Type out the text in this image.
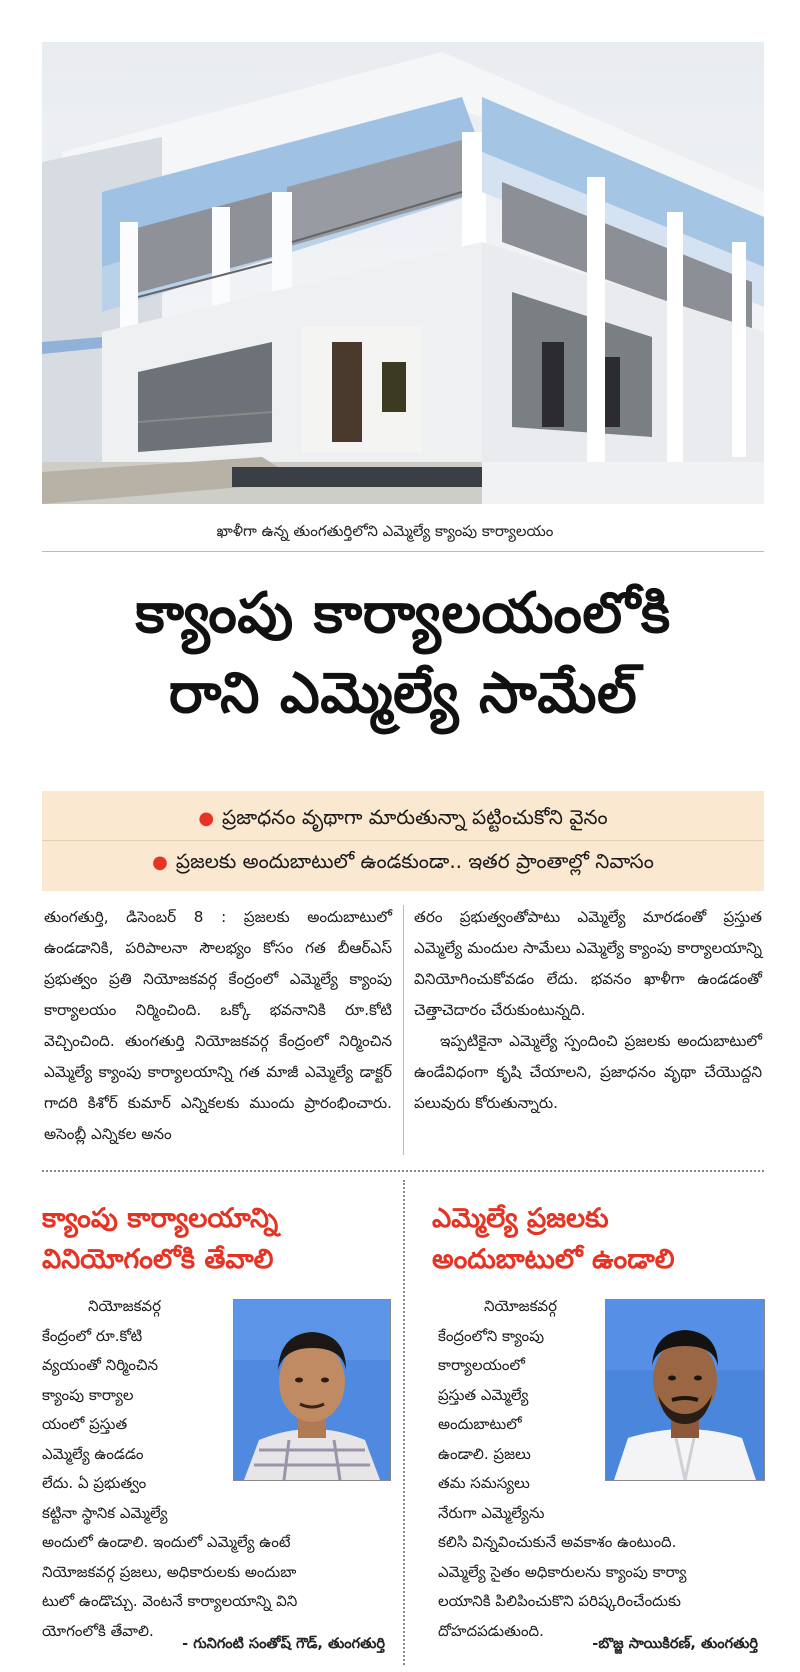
ఖాళీగా ఉన్న తుంగతుర్తిలోని ఎమ్మెల్యే క్యాంపు కార్యాలయం
క్యాంపు కార్యాలయంలోకి
రాని ఎమ్మెల్యే సామేల్
● ప్రజాధనం వృథాగా మారుతున్నా పట్టించుకోని వైనం
● ప్రజలకు అందుబాటులో ఉండకుండా.. ఇతర ప్రాంతాల్లో నివాసం
తుంగతుర్తి, డిసెంబర్ 8 : ప్రజలకు అందుబాటులో ఉండడానికి, పరిపాలనా సౌలభ్యం కోసం గత బీఆర్ఎస్ ప్రభుత్వం ప్రతి నియోజకవర్గ కేంద్రంలో ఎమ్మెల్యే క్యాంపు కార్యాలయం నిర్మించింది. ఒక్కో భవనానికి రూ.కోటి వెచ్చించింది. తుంగతుర్తి నియోజకవర్గ కేంద్రంలో నిర్మించిన ఎమ్మెల్యే క్యాంపు కార్యాలయాన్ని గత మాజీ ఎమ్మెల్యే డాక్టర్ గాదరి కిశోర్ కుమార్ ఎన్నికలకు ముందు ప్రారంభించారు. అసెంబ్లీ ఎన్నికల అనం
తరం ప్రభుత్వంతోపాటు ఎమ్మెల్యే మారడంతో ప్రస్తుత ఎమ్మెల్యే మందుల సామేలు ఎమ్మెల్యే క్యాంపు కార్యాలయాన్ని వినియోగించుకోవడం లేదు. భవనం ఖాళీగా ఉండడంతో చెత్తాచెదారం చేరుకుంటున్నది.
ఇప్పటికైనా ఎమ్మెల్యే స్పందించి ప్రజలకు అందుబాటులో ఉండేవిధంగా కృషి చేయాలని, ప్రజాధనం వృథా చేయొద్దని పలువురు కోరుతున్నారు.
క్యాంపు కార్యాలయాన్ని
వినియోగంలోకి తేవాలి
నియోజకవర్గ
కేంద్రంలో రూ.కోటి
వ్యయంతో నిర్మించిన
క్యాంపు కార్యాల
యంలో ప్రస్తుత
ఎమ్మెల్యే ఉండడం
లేదు. ఏ ప్రభుత్వం
కట్టినా స్థానిక ఎమ్మెల్యే
అందులో ఉండాలి. ఇందులో ఎమ్మెల్యే ఉంటే
నియోజకవర్గ ప్రజలు, అధికారులకు అందుబా
టులో ఉండొచ్చు. వెంటనే కార్యాలయాన్ని విని
యోగంలోకి తేవాలి.
- గునిగంటి సంతోష్ గౌడ్, తుంగతుర్తి
ఎమ్మెల్యే ప్రజలకు
అందుబాటులో ఉండాలి
నియోజకవర్గ
కేంద్రంలోని క్యాంపు
కార్యాలయంలో
ప్రస్తుత ఎమ్మెల్యే
అందుబాటులో
ఉండాలి. ప్రజలు
తమ సమస్యలు
నేరుగా ఎమ్మెల్యేను
కలిసి విన్నవించుకునే అవకాశం ఉంటుంది.
ఎమ్మెల్యే సైతం అధికారులను క్యాంపు కార్యా
లయానికి పిలిపించుకొని పరిష్కరించేందుకు
దోహదపడుతుంది.
-బొజ్జ సాయికిరణ్, తుంగతుర్తి
